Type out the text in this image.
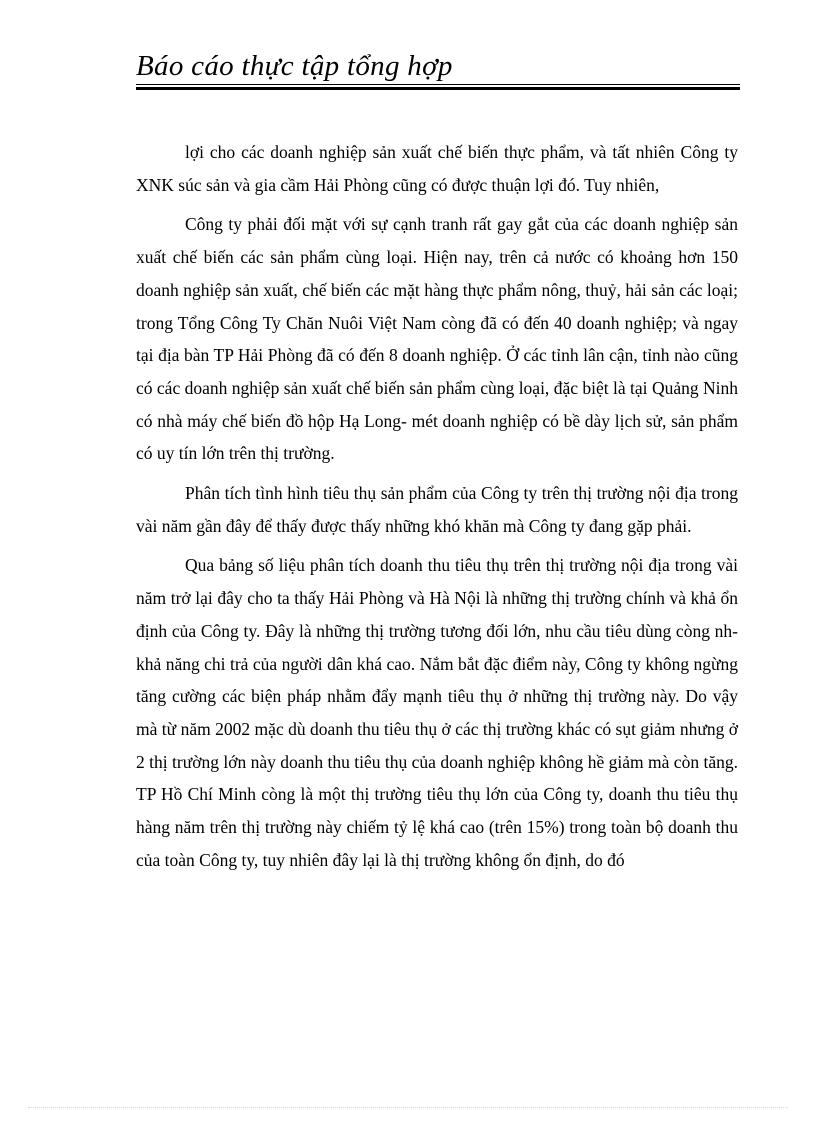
Báo cáo thực tập tổng hợp

lợi cho các doanh nghiệp sản xuất chế biến thực phẩm, và tất nhiên Công ty XNK súc sản và gia cầm Hải Phòng cũng có được thuận lợi đó. Tuy nhiên,

Công ty phải đối mặt với sự cạnh tranh rất gay gắt của các doanh nghiệp sản xuất chế biến các sản phẩm cùng loại. Hiện nay, trên cả nước có khoảng hơn 150 doanh nghiệp sản xuất, chế biến các mặt hàng thực phẩm nông, thuỷ, hải sản các loại; trong Tổng Công Ty Chăn Nuôi Việt Nam còng đã có đến 40 doanh nghiệp; và ngay tại địa bàn TP Hải Phòng đã có đến 8 doanh nghiệp. Ở các tỉnh lân cận, tỉnh nào cũng có các doanh nghiệp sản xuất chế biến sản phẩm cùng loại, đặc biệt là tại Quảng Ninh có nhà máy chế biến đồ hộp Hạ Long- mét doanh nghiệp có bề dày lịch sử, sản phẩm có uy tín lớn trên thị trường.

Phân tích tình hình tiêu thụ sản phẩm của Công ty trên thị trường nội địa trong vài năm gần đây để thấy được thấy những khó khăn mà Công ty đang gặp phải.

Qua bảng số liệu phân tích doanh thu tiêu thụ trên thị trường nội địa trong vài năm trở lại đây cho ta thấy Hải Phòng và Hà Nội là những thị trường chính và khả ổn định của Công ty. Đây là những thị trường tương đối lớn, nhu cầu tiêu dùng còng nh khả năng chi trả của người dân khá cao. Nắm bắt đặc điểm này, Công ty không ngừng tăng cường các biện pháp nhằm đẩy mạnh tiêu thụ ở những thị trường này. Do vậy mà từ năm 2002 mặc dù doanh thu tiêu thụ ở các thị trường khác có sụt giảm nhưng ở 2 thị trường lớn này doanh thu tiêu thụ của doanh nghiệp không hề giảm mà còn tăng. TP Hồ Chí Minh còng là một thị trường tiêu thụ lớn của Công ty, doanh thu tiêu thụ hàng năm trên thị trường này chiếm tỷ lệ khá cao (trên 15%) trong toàn bộ doanh thu của toàn Công ty, tuy nhiên đây lại là thị trường không ổn định, do đó
